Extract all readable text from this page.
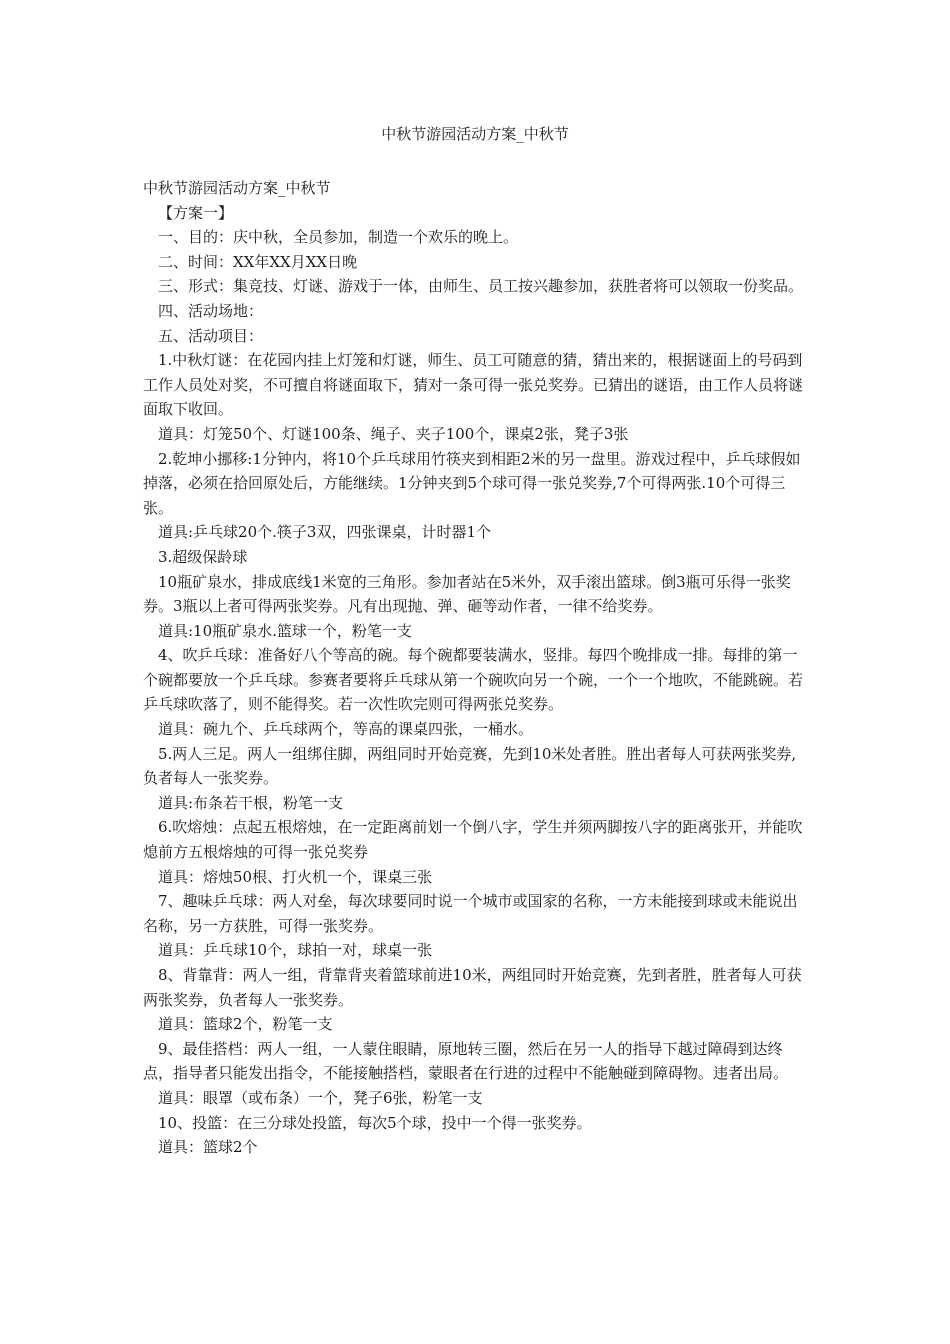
中秋节游园活动方案_中秋节

中秋节游园活动方案_中秋节

【方案一】

一、目的：庆中秋，全员参加，制造一个欢乐的晚上。

二、时间：XX年XX月XX日晚

三、形式：集竞技、灯谜、游戏于一体，由师生、员工按兴趣参加，获胜者将可以领取一份奖品。

四、活动场地：

五、活动项目：

1.中秋灯谜：在花园内挂上灯笼和灯谜，师生、员工可随意的猜，猜出来的，根据谜面上的号码到工作人员处对奖，不可擅自将谜面取下，猜对一条可得一张兑奖券。已猜出的谜语，由工作人员将谜面取下收回。

道具：灯笼50个、灯谜100条、绳子、夹子100个，课桌2张，凳子3张

2.乾坤小挪移:1分钟内，将10个乒乓球用竹筷夹到相距2米的另一盘里。游戏过程中，乒乓球假如掉落，必须在拾回原处后，方能继续。1分钟夹到5个球可得一张兑奖券,7个可得两张.10个可得三张。

道具:乒乓球20个.筷子3双，四张课桌，计时器1个

3.超级保龄球

10瓶矿泉水，排成底线1米宽的三角形。参加者站在5米外，双手滚出篮球。倒3瓶可乐得一张奖券。3瓶以上者可得两张奖券。凡有出现抛、弹、砸等动作者，一律不给奖券。

道具:10瓶矿泉水.篮球一个，粉笔一支

4、吹乒乓球：准备好八个等高的碗。每个碗都要装满水，竖排。每四个晚排成一排。每排的第一个碗都要放一个乒乓球。参赛者要将乒乓球从第一个碗吹向另一个碗，一个一个地吹，不能跳碗。若乒乓球吹落了，则不能得奖。若一次性吹完则可得两张兑奖券。

道具：碗九个、乒乓球两个，等高的课桌四张，一桶水。

5.两人三足。两人一组绑住脚，两组同时开始竞赛，先到10米处者胜。胜出者每人可获两张奖券,负者每人一张奖券。

道具:布条若干根，粉笔一支

6.吹熔烛：点起五根熔烛，在一定距离前划一个倒八字，学生并须两脚按八字的距离张开，并能吹熄前方五根熔烛的可得一张兑奖券

道具：熔烛50根、打火机一个，课桌三张

7、趣味乒乓球：两人对垒，每次球要同时说一个城市或国家的名称，一方未能接到球或未能说出名称，另一方获胜，可得一张奖券。

道具：乒乓球10个，球拍一对，球桌一张

8、背靠背：两人一组，背靠背夹着篮球前进10米，两组同时开始竞赛，先到者胜，胜者每人可获两张奖券，负者每人一张奖券。

道具：篮球2个，粉笔一支

9、最佳搭档：两人一组，一人蒙住眼睛，原地转三圈，然后在另一人的指导下越过障碍到达终点，指导者只能发出指令，不能接触搭档，蒙眼者在行进的过程中不能触碰到障碍物。违者出局。

道具：眼罩（或布条）一个，凳子6张，粉笔一支

10、投篮：在三分球处投篮，每次5个球，投中一个得一张奖券。

道具：篮球2个
